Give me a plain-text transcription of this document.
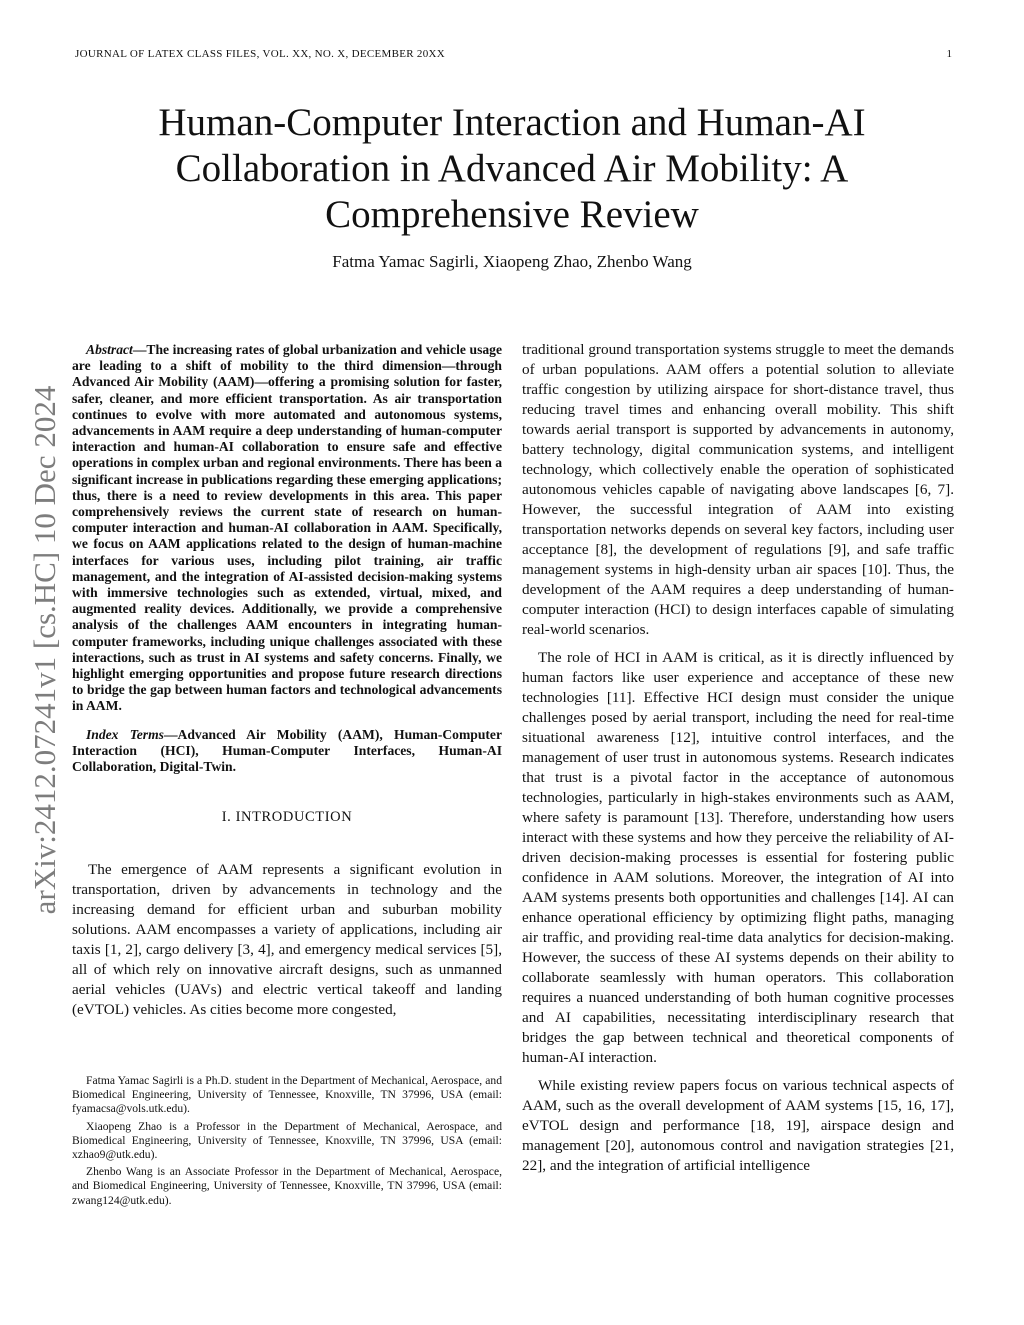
JOURNAL OF LATEX CLASS FILES, VOL. XX, NO. X, DECEMBER 20XX	1
Human-Computer Interaction and Human-AI Collaboration in Advanced Air Mobility: A Comprehensive Review
Fatma Yamac Sagirli, Xiaopeng Zhao, Zhenbo Wang
arXiv:2412.07241v1 [cs.HC] 10 Dec 2024

Abstract—The increasing rates of global urbanization and vehicle usage are leading to a shift of mobility to the third dimension—through Advanced Air Mobility (AAM)—offering a promising solution for faster, safer, cleaner, and more efficient transportation. As air transportation continues to evolve with more automated and autonomous systems, advancements in AAM require a deep understanding of human-computer interaction and human-AI collaboration to ensure safe and effective operations in complex urban and regional environments. There has been a significant increase in publications regarding these emerging applications; thus, there is a need to review developments in this area. This paper comprehensively reviews the current state of research on human-computer interaction and human-AI collaboration in AAM. Specifically, we focus on AAM applications related to the design of human-machine interfaces for various uses, including pilot training, air traffic management, and the integration of AI-assisted decision-making systems with immersive technologies such as extended, virtual, mixed, and augmented reality devices. Additionally, we provide a comprehensive analysis of the challenges AAM encounters in integrating human-computer frameworks, including unique challenges associated with these interactions, such as trust in AI systems and safety concerns. Finally, we highlight emerging opportunities and propose future research directions to bridge the gap between human factors and technological advancements in AAM.

Index Terms—Advanced Air Mobility (AAM), Human-Computer Interaction (HCI), Human-Computer Interfaces, Human-AI Collaboration, Digital-Twin.

I. INTRODUCTION

The emergence of AAM represents a significant evolution in transportation, driven by advancements in technology and the increasing demand for efficient urban and suburban mobility solutions. AAM encompasses a variety of applications, including air taxis [1, 2], cargo delivery [3, 4], and emergency medical services [5], all of which rely on innovative aircraft designs, such as unmanned aerial vehicles (UAVs) and electric vertical takeoff and landing (eVTOL) vehicles. As cities become more congested,

Fatma Yamac Sagirli is a Ph.D. student in the Department of Mechanical, Aerospace, and Biomedical Engineering, University of Tennessee, Knoxville, TN 37996, USA (email: fyamacsa@vols.utk.edu).

Xiaopeng Zhao is a Professor in the Department of Mechanical, Aerospace, and Biomedical Engineering, University of Tennessee, Knoxville, TN 37996, USA (email: xzhao9@utk.edu).

Zhenbo Wang is an Associate Professor in the Department of Mechanical, Aerospace, and Biomedical Engineering, University of Tennessee, Knoxville, TN 37996, USA (email: zwang124@utk.edu).

traditional ground transportation systems struggle to meet the demands of urban populations. AAM offers a potential solution to alleviate traffic congestion by utilizing airspace for short-distance travel, thus reducing travel times and enhancing overall mobility. This shift towards aerial transport is supported by advancements in autonomy, battery technology, digital communication systems, and intelligent technology, which collectively enable the operation of sophisticated autonomous vehicles capable of navigating above landscapes [6, 7]. However, the successful integration of AAM into existing transportation networks depends on several key factors, including user acceptance [8], the development of regulations [9], and safe traffic management systems in high-density urban air spaces [10]. Thus, the development of the AAM requires a deep understanding of human-computer interaction (HCI) to design interfaces capable of simulating real-world scenarios.

The role of HCI in AAM is critical, as it is directly influenced by human factors like user experience and acceptance of these new technologies [11]. Effective HCI design must consider the unique challenges posed by aerial transport, including the need for real-time situational awareness [12], intuitive control interfaces, and the management of user trust in autonomous systems. Research indicates that trust is a pivotal factor in the acceptance of autonomous technologies, particularly in high-stakes environments such as AAM, where safety is paramount [13]. Therefore, understanding how users interact with these systems and how they perceive the reliability of AI-driven decision-making processes is essential for fostering public confidence in AAM solutions. Moreover, the integration of AI into AAM systems presents both opportunities and challenges [14]. AI can enhance operational efficiency by optimizing flight paths, managing air traffic, and providing real-time data analytics for decision-making. However, the success of these AI systems depends on their ability to collaborate seamlessly with human operators. This collaboration requires a nuanced understanding of both human cognitive processes and AI capabilities, necessitating interdisciplinary research that bridges the gap between technical and theoretical components of human-AI interaction.

While existing review papers focus on various technical aspects of AAM, such as the overall development of AAM systems [15, 16, 17], eVTOL design and performance [18, 19], airspace design and management [20], autonomous control and navigation strategies [21, 22], and the integration of artificial intelligence
